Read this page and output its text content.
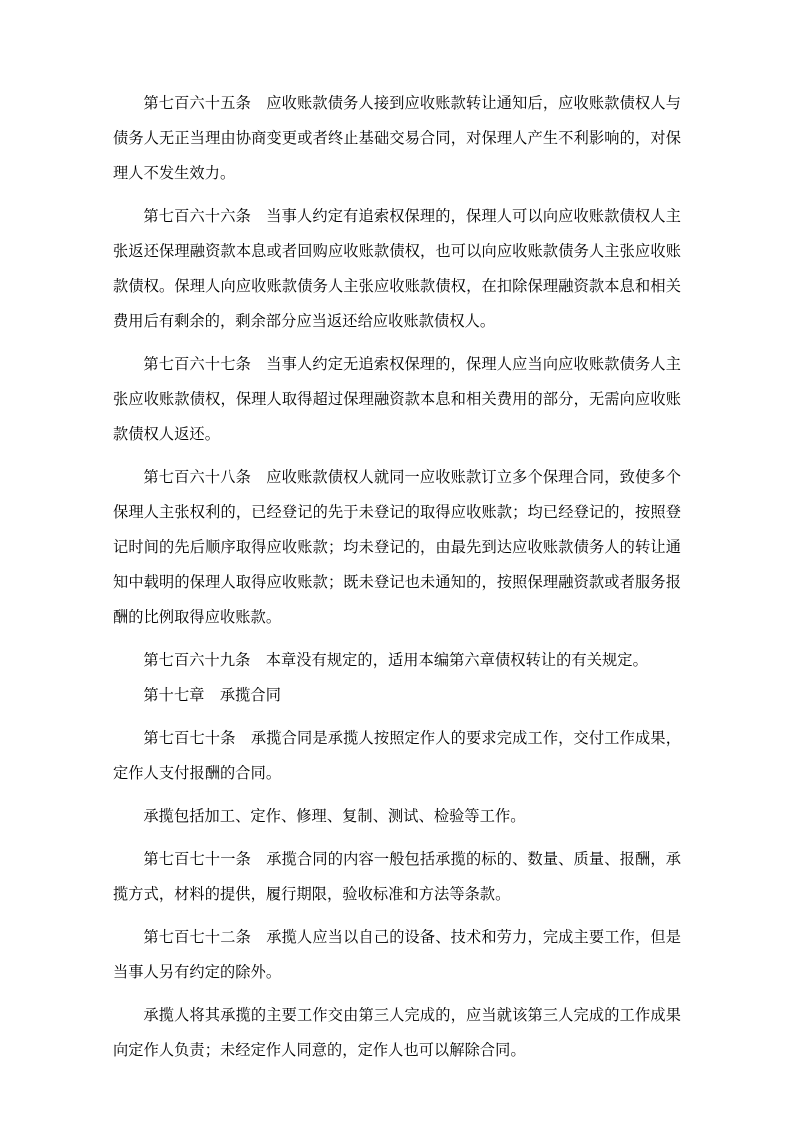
第七百六十五条　应收账款债务人接到应收账款转让通知后，应收账款债权人与债务人无正当理由协商变更或者终止基础交易合同，对保理人产生不利影响的，对保理人不发生效力。

第七百六十六条　当事人约定有追索权保理的，保理人可以向应收账款债权人主张返还保理融资款本息或者回购应收账款债权，也可以向应收账款债务人主张应收账款债权。保理人向应收账款债务人主张应收账款债权，在扣除保理融资款本息和相关费用后有剩余的，剩余部分应当返还给应收账款债权人。

第七百六十七条　当事人约定无追索权保理的，保理人应当向应收账款债务人主张应收账款债权，保理人取得超过保理融资款本息和相关费用的部分，无需向应收账款债权人返还。

第七百六十八条　应收账款债权人就同一应收账款订立多个保理合同，致使多个保理人主张权利的，已经登记的先于未登记的取得应收账款；均已经登记的，按照登记时间的先后顺序取得应收账款；均未登记的，由最先到达应收账款债务人的转让通知中载明的保理人取得应收账款；既未登记也未通知的，按照保理融资款或者服务报酬的比例取得应收账款。

第七百六十九条　本章没有规定的，适用本编第六章债权转让的有关规定。

第十七章　承揽合同

第七百七十条　承揽合同是承揽人按照定作人的要求完成工作，交付工作成果，定作人支付报酬的合同。

承揽包括加工、定作、修理、复制、测试、检验等工作。

第七百七十一条　承揽合同的内容一般包括承揽的标的、数量、质量、报酬，承揽方式，材料的提供，履行期限，验收标准和方法等条款。

第七百七十二条　承揽人应当以自己的设备、技术和劳力，完成主要工作，但是当事人另有约定的除外。

承揽人将其承揽的主要工作交由第三人完成的，应当就该第三人完成的工作成果向定作人负责；未经定作人同意的，定作人也可以解除合同。
